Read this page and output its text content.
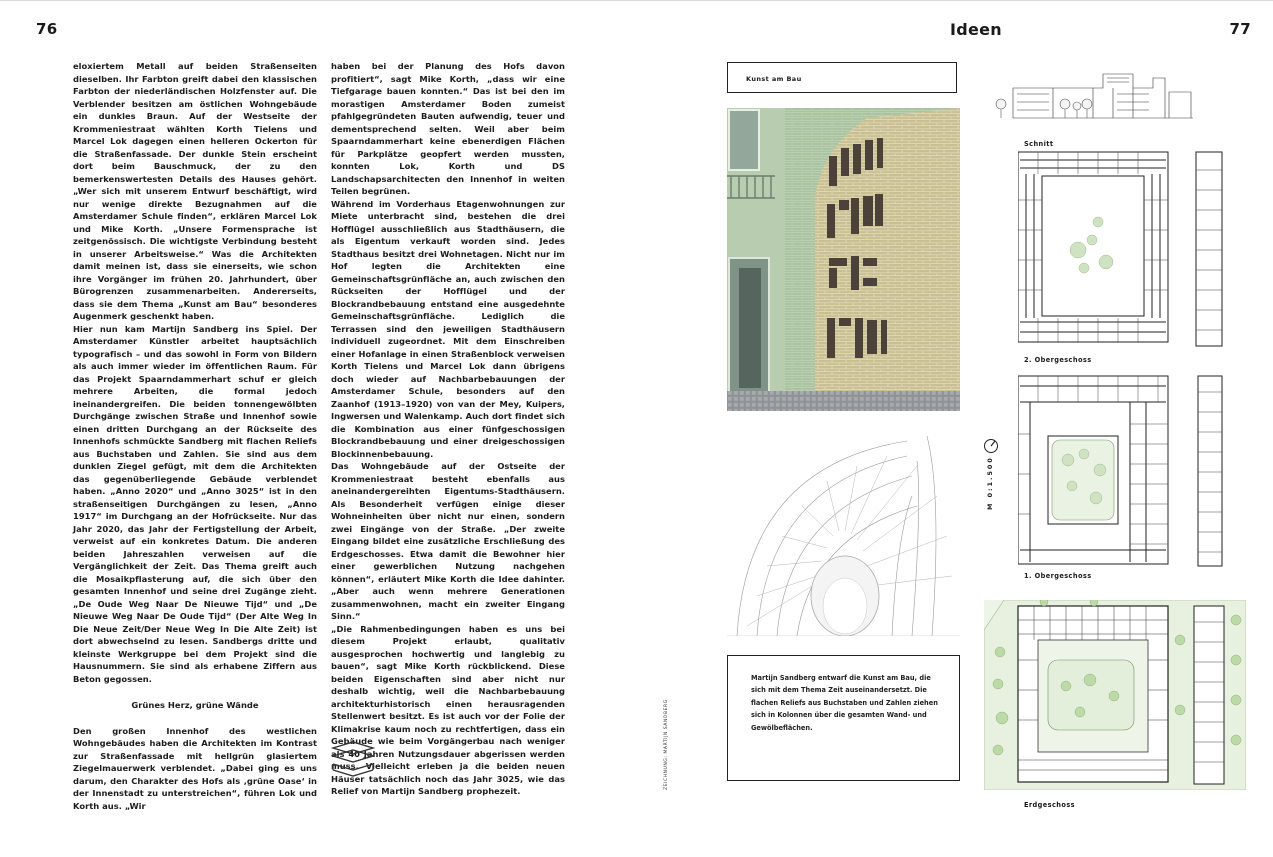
76	Ideen	77

eloxiertem Metall auf beiden Straßenseiten dieselben. Ihr Farbton greift dabei den klassischen Farbton der niederländischen Holzfenster auf. Die Verblender besitzen am östlichen Wohngebäude ein dunkles Braun. Auf der Westseite der Krommeniestraat wählten Korth Tielens und Marcel Lok dagegen einen helleren Ockerton für die Straßenfassade. Der dunkle Stein erscheint dort beim Bauschmuck, der zu den bemerkenswertesten Details des Hauses gehört. „Wer sich mit unserem Entwurf beschäftigt, wird nur wenige direkte Bezugnahmen auf die Amsterdamer Schule finden“, erklären Marcel Lok und Mike Korth. „Unsere Formensprache ist zeitgenössisch. Die wichtigste Verbindung besteht in unserer Arbeitsweise.“ Was die Architekten damit meinen ist, dass sie einerseits, wie schon ihre Vorgänger im frühen 20. Jahrhundert, über Bürogrenzen zusammenarbeiten. Andererseits, dass sie dem Thema „Kunst am Bau“ besonderes Augenmerk geschenkt haben.

Hier nun kam Martijn Sandberg ins Spiel. Der Amsterdamer Künstler arbeitet hauptsächlich typografisch – und das sowohl in Form von Bildern als auch immer wieder im öffentlichen Raum. Für das Projekt Spaarndammerhart schuf er gleich mehrere Arbeiten, die formal jedoch ineinandergreifen. Die beiden tonnengewölbten Durchgänge zwischen Straße und Innenhof sowie einen dritten Durchgang an der Rückseite des Innenhofs schmückte Sandberg mit flachen Reliefs aus Buchstaben und Zahlen. Sie sind aus dem dunklen Ziegel gefügt, mit dem die Architekten das gegenüberliegende Gebäude verblendet haben. „Anno 2020“ und „Anno 3025“ ist in den straßenseitigen Durchgängen zu lesen, „Anno 1917“ im Durchgang an der Hofrückseite. Nur das Jahr 2020, das Jahr der Fertigstellung der Arbeit, verweist auf ein konkretes Datum. Die anderen beiden Jahreszahlen verweisen auf die Vergänglichkeit der Zeit. Das Thema greift auch die Mosaikpflasterung auf, die sich über den gesamten Innenhof und seine drei Zugänge zieht. „De Oude Weg Naar De Nieuwe Tijd“ und „De Nieuwe Weg Naar De Oude Tijd“ (Der Alte Weg In Die Neue Zeit/Der Neue Weg In Die Alte Zeit) ist dort abwechselnd zu lesen. Sandbergs dritte und kleinste Werkgruppe bei dem Projekt sind die Hausnummern. Sie sind als erhabene Ziffern aus Beton gegossen.

Grünes Herz, grüne Wände

Den großen Innenhof des westlichen Wohngebäudes haben die Architekten im Kontrast zur Straßenfassade mit hellgrün glasiertem Ziegelmauerwerk verblendet. „Dabei ging es uns darum, den Charakter des Hofs als ‚grüne Oase‘ in der Innenstadt zu unterstreichen“, führen Lok und Korth aus. „Wir

haben bei der Planung des Hofs davon profitiert“, sagt Mike Korth, „dass wir eine Tiefgarage bauen konnten.“ Das ist bei den im morastigen Amsterdamer Boden zumeist pfahlgegründeten Bauten aufwendig, teuer und dementsprechend selten. Weil aber beim Spaarndammerhart keine ebenerdigen Flächen für Parkplätze geopfert werden mussten, konnten Lok, Korth und DS Landschapsarchitecten den Innenhof in weiten Teilen begrünen.

Während im Vorderhaus Etagenwohnungen zur Miete unterbracht sind, bestehen die drei Hofflügel ausschließlich aus Stadthäusern, die als Eigentum verkauft worden sind. Jedes Stadthaus besitzt drei Wohnetagen. Nicht nur im Hof legten die Architekten eine Gemeinschaftsgrünfläche an, auch zwischen den Rückseiten der Hofflügel und der Blockrandbebauung entstand eine ausgedehnte Gemeinschaftsgrünfläche. Lediglich die Terrassen sind den jeweiligen Stadthäusern individuell zugeordnet. Mit dem Einschreiben einer Hofanlage in einen Straßenblock verweisen Korth Tielens und Marcel Lok dann übrigens doch wieder auf Nachbarbebauungen der Amsterdamer Schule, besonders auf den Zaanhof (1913–1920) von van der Mey, Kuipers, Ingwersen und Walenkamp. Auch dort findet sich die Kombination aus einer fünfgeschossigen Blockrandbebauung und einer dreigeschossigen Blockinnenbebauung.

Das Wohngebäude auf der Ostseite der Krommeniestraat besteht ebenfalls aus aneinandergereihten Eigentums-Stadthäusern. Als Besonderheit verfügen einige dieser Wohneinheiten über nicht nur einen, sondern zwei Eingänge von der Straße. „Der zweite Eingang bildet eine zusätzliche Erschließung des Erdgeschosses. Etwa damit die Bewohner hier einer gewerblichen Nutzung nachgehen können“, erläutert Mike Korth die Idee dahinter. „Aber auch wenn mehrere Generationen zusammenwohnen, macht ein zweiter Eingang Sinn.“

„Die Rahmenbedingungen haben es uns bei diesem Projekt erlaubt, qualitativ ausgesprochen hochwertig und langlebig zu bauen“, sagt Mike Korth rückblickend. Diese beiden Eigenschaften sind aber nicht nur deshalb wichtig, weil die Nachbarbebauung architekturhistorisch einen herausragenden Stellenwert besitzt. Es ist auch vor der Folie der Klimakrise kaum noch zu rechtfertigen, dass ein Gebäude wie beim Vorgängerbau nach weniger als 40 Jahren Nutzungsdauer abgerissen werden muss. Vielleicht erleben ja die beiden neuen Häuser tatsächlich noch das Jahr 3025, wie das Relief von Martijn Sandberg prophezeit.

ZEICHNUNG: MARTIJN SANDBERG
Kunst am Bau
Martijn Sandberg entwarf die Kunst am Bau, die sich mit dem Thema Zeit auseinandersetzt. Die flachen Reliefs aus Buchstaben und Zahlen ziehen sich in Kolonnen über die gesamten Wand- und Gewölbeflächen.
Schnitt
2. Obergeschoss
M 0:1.500
1. Obergeschoss
Erdgeschoss
